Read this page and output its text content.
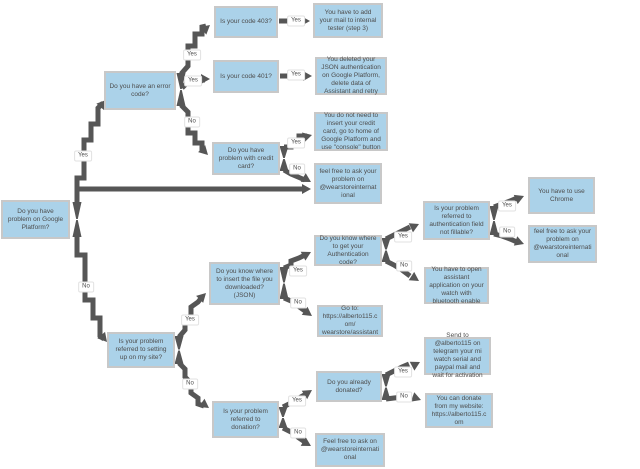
Do you have problem on Google Platform?
Do you have an error code?
Is your code 403?
Is your code 401?
Do you have problem with credit card?
You have to add your mail to internal tester (step 3)
You deleted your JSON authentication on Google Platform, delete data of Assistant and retry
You do not need to insert your credit card, go to home of Google Platform and use "console" button
feel free to ask your problem on @wearstoreinternational
Do you know where to get your Authentication code?
Go to: https://alberto115.com/ wearstore/assistant
Do you already donated?
Feel free to ask on @wearstoreinternational
Is your problem referred to authentication field not fillable?
You have to open assistant application on your watch with bluetooth enable
Send to @alberto115 on telegram your mi watch serial and paypal mail and wait for activation
You can donate from my website: https://alberto115.com
You have to use Chrome
feel free to ask your problem on @wearstoreinternational
Is your problem referred to setting up on my site?
Do you know where to insert the file you downloaded? (JSON)
Is your problem referred to donation?
Yes
No
Yes
Yes
No
Yes
Yes
Yes
No
Yes
No
Yes
No
Yes
No
Yes
No
Yes
No
Yes
No
